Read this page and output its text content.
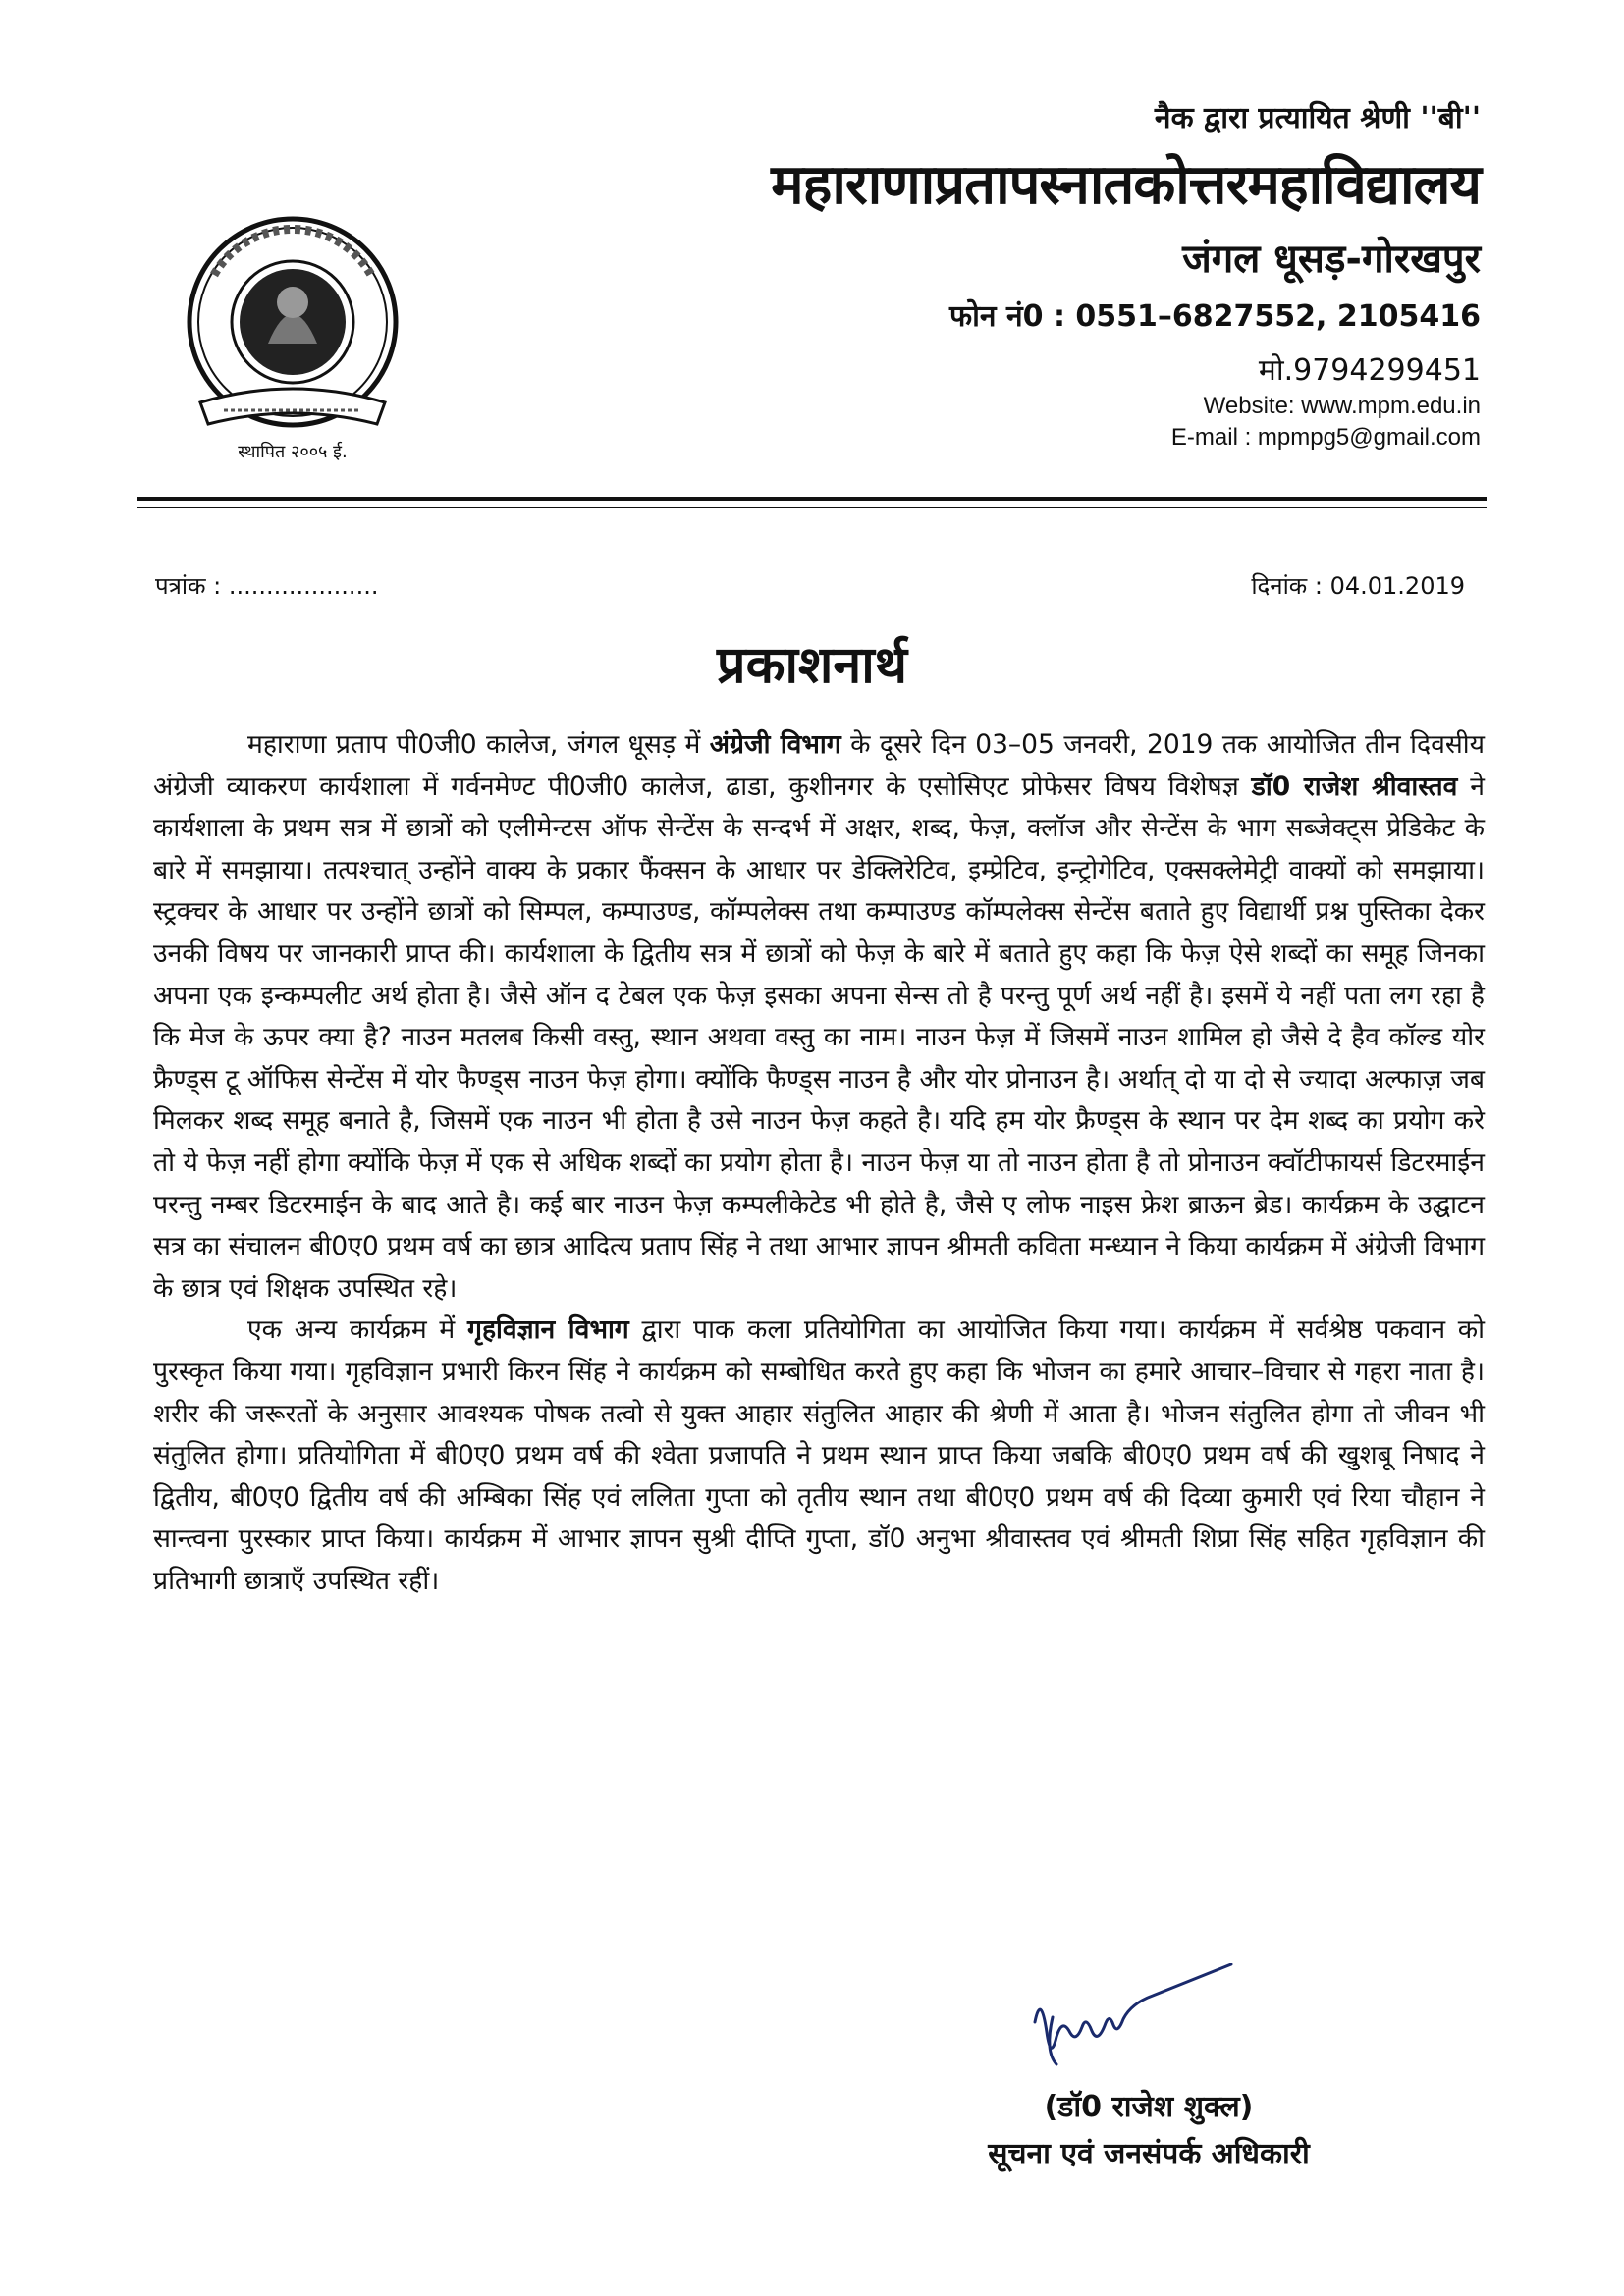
नैक द्वारा प्रत्यायित श्रेणी ''बी''
महाराणाप्रतापस्नातकोत्तरमहाविद्यालय
जंगल धूसड़-गोरखपुर
फोन नं0 : 0551–6827552, 2105416
मो.9794299451
Website: www.mpm.edu.in
E-mail : mpmpg5@gmail.com
स्थापित २००५ ई.
पत्रांक : ....................	दिनांक : 04.01.2019
प्रकाशनार्थ

महाराणा प्रताप पी0जी0 कालेज, जंगल धूसड़ में अंग्रेजी विभाग के दूसरे दिन 03–05 जनवरी, 2019 तक आयोजित तीन दिवसीय अंग्रेजी व्याकरण कार्यशाला में गर्वनमेण्ट पी0जी0 कालेज, ढाडा, कुशीनगर के एसोसिएट प्रोफेसर विषय विशेषज्ञ डॉ0 राजेश श्रीवास्तव ने कार्यशाला के प्रथम सत्र में छात्रों को एलीमेन्टस ऑफ सेन्टेंस के सन्दर्भ में अक्षर, शब्द, फेज़, क्लॉज और सेन्टेंस के भाग सब्जेक्ट्स प्रेडिकेट के बारे में समझाया। तत्पश्चात् उन्होंने वाक्य के प्रकार फैंक्सन के आधार पर डेक्लिरेटिव, इम्प्रेटिव, इन्ट्रोगेटिव, एक्सक्लेमेट्री वाक्यों को समझाया। स्ट्रक्चर के आधार पर उन्होंने छात्रों को सिम्पल, कम्पाउण्ड, कॉम्पलेक्स तथा कम्पाउण्ड कॉम्पलेक्स सेन्टेंस बताते हुए विद्यार्थी प्रश्न पुस्तिका देकर उनकी विषय पर जानकारी प्राप्त की। कार्यशाला के द्वितीय सत्र में छात्रों को फेज़ के बारे में बताते हुए कहा कि फेज़ ऐसे शब्दों का समूह जिनका अपना एक इन्कम्पलीट अर्थ होता है। जैसे ऑन द टेबल एक फेज़ इसका अपना सेन्स तो है परन्तु पूर्ण अर्थ नहीं है। इसमें ये नहीं पता लग रहा है कि मेज के ऊपर क्या है? नाउन मतलब किसी वस्तु, स्थान अथवा वस्तु का नाम। नाउन फेज़ में जिसमें नाउन शामिल हो जैसे दे हैव कॉल्ड योर फ्रैण्ड्स टू ऑफिस सेन्टेंस में योर फैण्ड्स नाउन फेज़ होगा। क्योंकि फैण्ड्स नाउन है और योर प्रोनाउन है। अर्थात् दो या दो से ज्यादा अल्फाज़ जब मिलकर शब्द समूह बनाते है, जिसमें एक नाउन भी होता है उसे नाउन फेज़ कहते है। यदि हम योर फ्रैण्ड्स के स्थान पर देम शब्द का प्रयोग करे तो ये फेज़ नहीं होगा क्योंकि फेज़ में एक से अधिक शब्दों का प्रयोग होता है। नाउन फेज़ या तो नाउन होता है तो प्रोनाउन क्वॉटीफायर्स डिटरमाईन परन्तु नम्बर डिटरमाईन के बाद आते है। कई बार नाउन फेज़ कम्पलीकेटेड भी होते है, जैसे ए लोफ नाइस फ्रेश ब्राऊन ब्रेड। कार्यक्रम के उद्घाटन सत्र का संचालन बी0ए0 प्रथम वर्ष का छात्र आदित्य प्रताप सिंह ने तथा आभार ज्ञापन श्रीमती कविता मन्ध्यान ने किया कार्यक्रम में अंग्रेजी विभाग के छात्र एवं शिक्षक उपस्थित रहे।

एक अन्य कार्यक्रम में गृहविज्ञान विभाग द्वारा पाक कला प्रतियोगिता का आयोजित किया गया। कार्यक्रम में सर्वश्रेष्ठ पकवान को पुरस्कृत किया गया। गृहविज्ञान प्रभारी किरन सिंह ने कार्यक्रम को सम्बोधित करते हुए कहा कि भोजन का हमारे आचार–विचार से गहरा नाता है। शरीर की जरूरतों के अनुसार आवश्यक पोषक तत्वो से युक्त आहार संतुलित आहार की श्रेणी में आता है। भोजन संतुलित होगा तो जीवन भी संतुलित होगा। प्रतियोगिता में बी0ए0 प्रथम वर्ष की श्वेता प्रजापति ने प्रथम स्थान प्राप्त किया जबकि बी0ए0 प्रथम वर्ष की खुशबू निषाद ने द्वितीय, बी0ए0 द्वितीय वर्ष की अम्बिका सिंह एवं ललिता गुप्ता को तृतीय स्थान तथा बी0ए0 प्रथम वर्ष की दिव्या कुमारी एवं रिया चौहान ने सान्त्वना पुरस्कार प्राप्त किया। कार्यक्रम में आभार ज्ञापन सुश्री दीप्ति गुप्ता, डॉ0 अनुभा श्रीवास्तव एवं श्रीमती शिप्रा सिंह सहित गृहविज्ञान की प्रतिभागी छात्राएँ उपस्थित रहीं।

(डॉ0 राजेश शुक्ल)
सूचना एवं जनसंपर्क अधिकारी
